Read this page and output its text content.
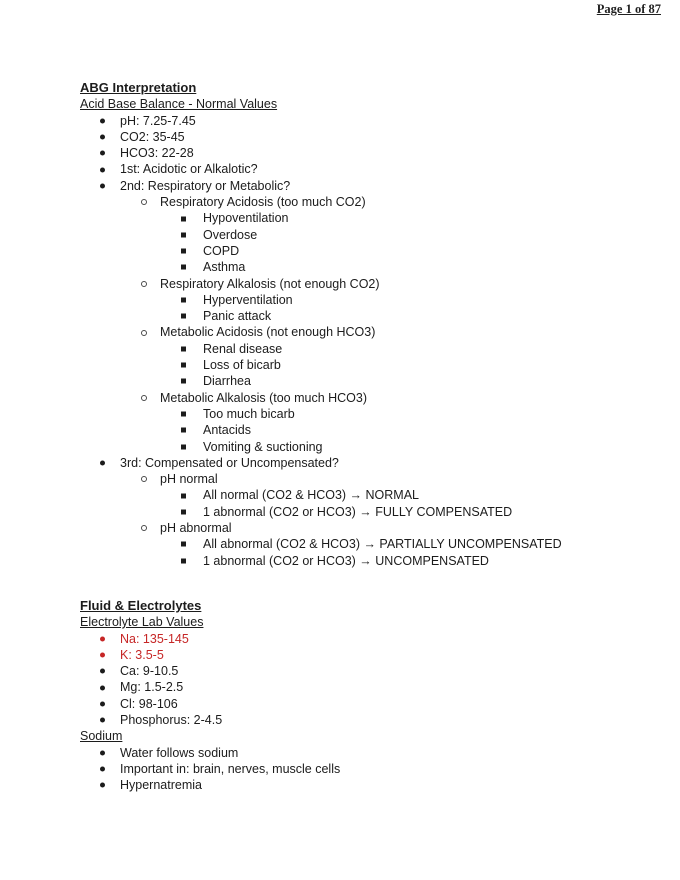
Page 1 of 87
ABG Interpretation
Acid Base Balance - Normal Values
pH: 7.25-7.45
CO2: 35-45
HCO3: 22-28
1st: Acidotic or Alkalotic?
2nd: Respiratory or Metabolic?
Respiratory Acidosis (too much CO2)
Hypoventilation
Overdose
COPD
Asthma
Respiratory Alkalosis (not enough CO2)
Hyperventilation
Panic attack
Metabolic Acidosis (not enough HCO3)
Renal disease
Loss of bicarb
Diarrhea
Metabolic Alkalosis (too much HCO3)
Too much bicarb
Antacids
Vomiting & suctioning
3rd: Compensated or Uncompensated?
pH normal
All normal (CO2 & HCO3) → NORMAL
1 abnormal (CO2 or HCO3) → FULLY COMPENSATED
pH abnormal
All abnormal (CO2 & HCO3) → PARTIALLY UNCOMPENSATED
1 abnormal (CO2 or HCO3) → UNCOMPENSATED
Fluid & Electrolytes
Electrolyte Lab Values
Na: 135-145
K: 3.5-5
Ca: 9-10.5
Mg: 1.5-2.5
Cl: 98-106
Phosphorus: 2-4.5
Sodium
Water follows sodium
Important in: brain, nerves, muscle cells
Hypernatremia
